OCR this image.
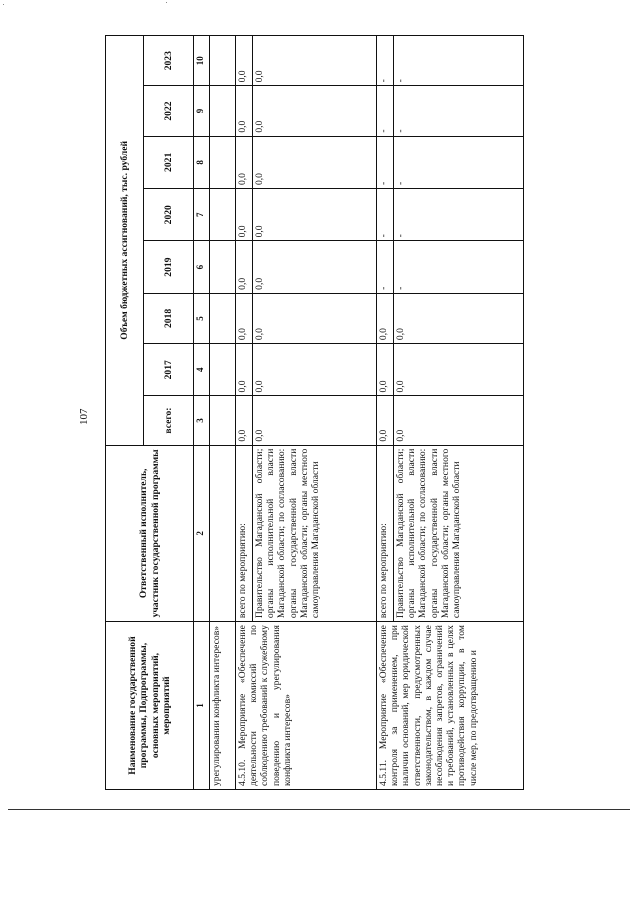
107
Наименование государственной программы, Подпрограммы, основных мероприятий, мероприятий	Ответственный исполнитель, участник государственной программы	Объем бюджетных ассигнований, тыс. рублей							
		всего:	2017	2018	2019	2020	2021	2022	2023
1	2	3	4	5	6	7	8	9	10
урегулировании конфликта интересов»									
4.5.10. Мероприятие «Обеспечение деятельности комиссий по соблюдению требований к служебному поведению и урегулирования конфликта интересов»	всего по мероприятию:	0,0	0,0	0,0	0,0	0,0	0,0	0,0	0,0
	Правительство Магаданской области; органы исполнительной власти Магаданской области; по согласованию: органы государственной власти Магаданской области; органы местного самоуправления Магаданской области	0,0	0,0	0,0	0,0	0,0	0,0	0,0	0,0
4.5.11. Мероприятие «Обеспечение контроля за применением, при наличии оснований, мер юридической ответственности, предусмотренных законодательством, в каждом случае несоблюдения запретов, ограничений и требований, установленных в целях противодействия коррупции, в том числе мер, по предотвращению и	всего по мероприятию:	0,0	0,0	0,0	-	-	-	-	-
	Правительство Магаданской области; органы исполнительной власти Магаданской области; по согласованию: органы государственной власти Магаданской области; органы местного самоуправления Магаданской области	0,0	0,0	0,0	-	-	-	-	-
